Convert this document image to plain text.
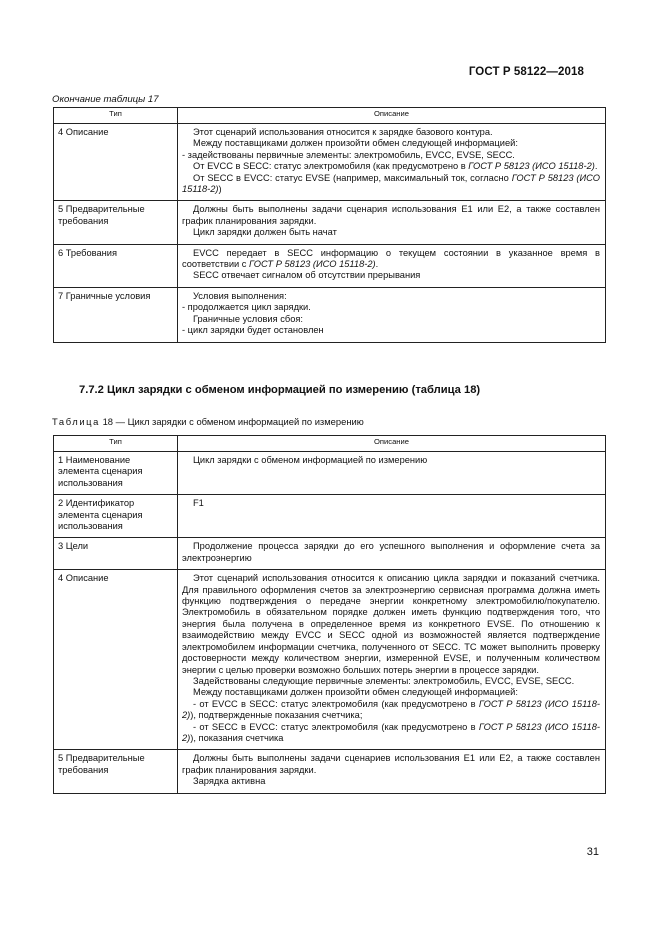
ГОСТ Р 58122—2018
Окончание таблицы 17
Тип	Описание
4 Описание	Этот сценарий использования относится к зарядке базового контура.

Между поставщиками должен произойти обмен следующей информацией:

- задействованы первичные элементы: электромобиль, EVCC, EVSE, SECC.

От EVCC в SECC: статус электромобиля (как предусмотрено в ГОСТ Р 58123 (ИСО 15118-2).

От SECC в EVCC: статус EVSE (например, максимальный ток, согласно ГОСТ Р 58123 (ИСО 15118-2))

5 Предварительные требования	Должны быть выполнены задачи сценария использования E1 или E2, а также составлен график планирования зарядки.

Цикл зарядки должен быть начат

6 Требования	EVCC передает в SECC информацию о текущем состоянии в указанное время в соответствии с ГОСТ Р 58123 (ИСО 15118-2).

SECC отвечает сигналом об отсутствии прерывания

7 Граничные условия	Условия выполнения:

- продолжается цикл зарядки.

Граничные условия сбоя:

- цикл зарядки будет остановлен

7.7.2 Цикл зарядки с обменом информацией по измерению (таблица 18)
Таблица 18 — Цикл зарядки с обменом информацией по измерению
Тип	Описание
1 Наименование элемента сценария использования	Цикл зарядки с обменом информацией по измерению

2 Идентификатор элемента сценария использования	F1

3 Цели	Продолжение процесса зарядки до его успешного выполнения и оформление счета за электроэнергию

4 Описание	Этот сценарий использования относится к описанию цикла зарядки и показаний счетчика. Для правильного оформления счетов за электроэнергию сервисная программа должна иметь функцию подтверждения о передаче энергии конкретному электромобилю/покупателю. Электромобиль в обязательном порядке должен иметь функцию подтверждения того, что энергия была получена в определенное время из конкретного EVSE. По отношению к взаимодействию между EVCC и SECC одной из возможностей является подтверждение электромобилем информации счетчика, полученного от SECC. ТС может выполнить проверку достоверности между количеством энергии, измеренной EVSE, и полученным количеством энергии с целью проверки возможно больших потерь энергии в процессе зарядки.

Задействованы следующие первичные элементы: электромобиль, EVCC, EVSE, SECC.

Между поставщиками должен произойти обмен следующей информацией:

- от EVCC в SECC: статус электромобиля (как предусмотрено в ГОСТ Р 58123 (ИСО 15118-2)), подтвержденные показания счетчика;

- от SECC в EVCC: статус электромобиля (как предусмотрено в ГОСТ Р 58123 (ИСО 15118-2)), показания счетчика

5 Предварительные требования	Должны быть выполнены задачи сценариев использования E1 или E2, а также составлен график планирования зарядки.

Зарядка активна

31
